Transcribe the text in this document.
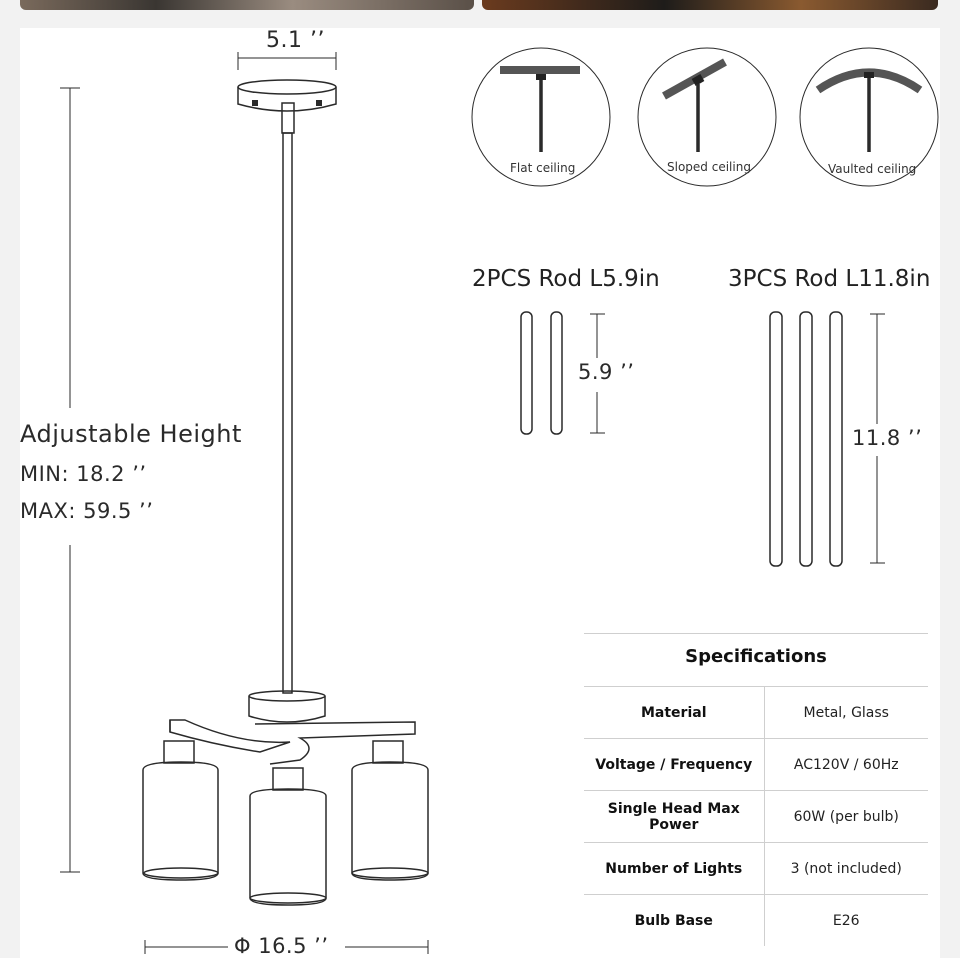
5.1 ’’
Adjustable Height
MIN: 18.2 ’’
MAX: 59.5 ’’
Φ 16.5 ’’
Flat ceiling	Sloped ceiling	Vaulted ceiling
2PCS Rod L5.9in	3PCS Rod L11.8in
5.9 ’’
11.8 ’’
Specifications
Material	Metal, Glass
Voltage / Frequency	AC120V / 60Hz
Single Head Max Power	60W (per bulb)
Number of Lights	3 (not included)
Bulb Base	E26
